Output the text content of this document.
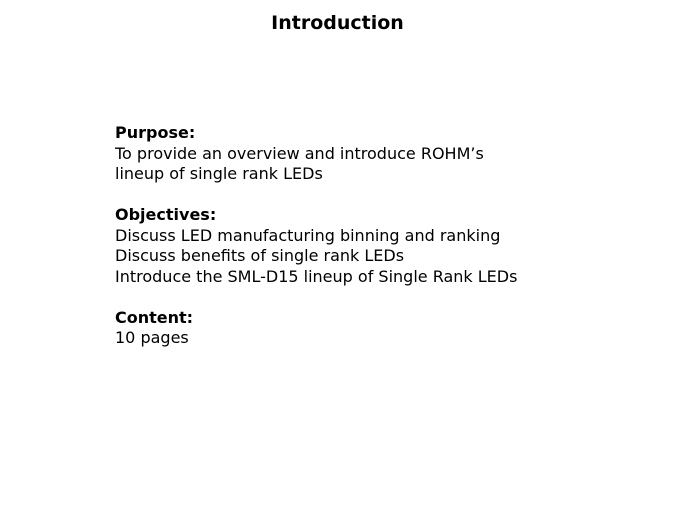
Introduction
Purpose:
To provide an overview and introduce ROHM’s
lineup of single rank LEDs
Objectives:
Discuss LED manufacturing binning and ranking
Discuss benefits of single rank LEDs
Introduce the SML-D15 lineup of Single Rank LEDs
Content:
10 pages
